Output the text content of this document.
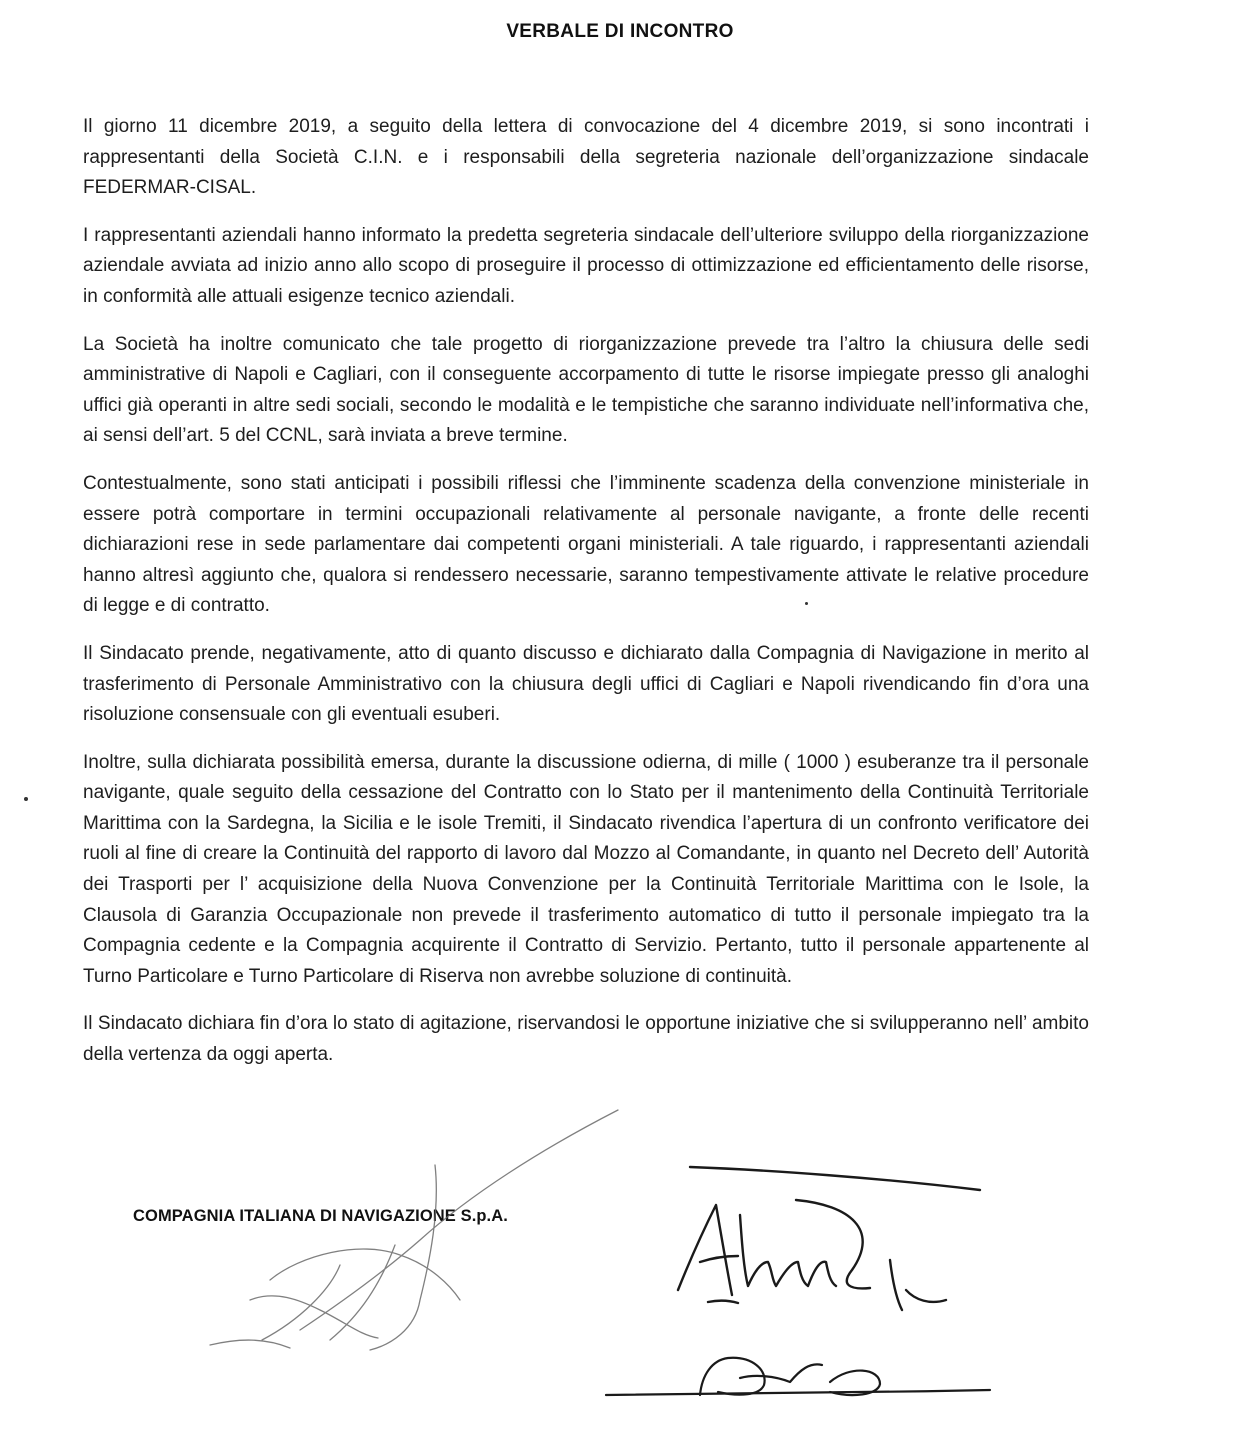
VERBALE DI INCONTRO

Il giorno 11 dicembre 2019, a seguito della lettera di convocazione del 4 dicembre 2019, si sono incontrati i rappresentanti della Società C.I.N. e i responsabili della segreteria nazionale dell’organizzazione sindacale FEDERMAR-CISAL.

I rappresentanti aziendali hanno informato la predetta segreteria sindacale dell’ulteriore sviluppo della riorganizzazione aziendale avviata ad inizio anno allo scopo di proseguire il processo di ottimizzazione ed efficientamento delle risorse, in conformità alle attuali esigenze tecnico aziendali.

La Società ha inoltre comunicato che tale progetto di riorganizzazione prevede tra l’altro la chiusura delle sedi amministrative di Napoli e Cagliari, con il conseguente accorpamento di tutte le risorse impiegate presso gli analoghi uffici già operanti in altre sedi sociali, secondo le modalità e le tempistiche che saranno individuate nell’informativa che, ai sensi dell’art. 5 del CCNL, sarà inviata a breve termine.

Contestualmente, sono stati anticipati i possibili riflessi che l’imminente scadenza della convenzione ministeriale in essere potrà comportare in termini occupazionali relativamente al personale navigante, a fronte delle recenti dichiarazioni rese in sede parlamentare dai competenti organi ministeriali. A tale riguardo, i rappresentanti aziendali hanno altresì aggiunto che, qualora si rendessero necessarie, saranno tempestivamente attivate le relative procedure di legge e di contratto.

Il Sindacato prende, negativamente, atto di quanto discusso e dichiarato dalla Compagnia di Navigazione in merito al trasferimento di Personale Amministrativo con la chiusura degli uffici di Cagliari e Napoli rivendicando fin d’ora una risoluzione consensuale con gli eventuali esuberi.

Inoltre, sulla dichiarata possibilità emersa, durante la discussione odierna, di mille ( 1000 ) esuberanze tra il personale navigante, quale seguito della cessazione del Contratto con lo Stato per il mantenimento della Continuità Territoriale Marittima con la Sardegna, la Sicilia e le isole Tremiti, il Sindacato rivendica l’apertura di un confronto verificatore dei ruoli al fine di creare la Continuità del rapporto di lavoro dal Mozzo al Comandante, in quanto nel Decreto dell’ Autorità dei Trasporti per l’ acquisizione della Nuova Convenzione per la Continuità Territoriale Marittima con le Isole, la Clausola di Garanzia Occupazionale non prevede il trasferimento automatico di tutto il personale impiegato tra la Compagnia cedente e la Compagnia acquirente il Contratto di Servizio. Pertanto, tutto il personale appartenente al Turno Particolare e Turno Particolare di Riserva non avrebbe soluzione di continuità.

Il Sindacato dichiara fin d’ora lo stato di agitazione, riservandosi le opportune iniziative che si svilupperanno nell’ ambito della vertenza da oggi aperta.

COMPAGNIA ITALIANA DI NAVIGAZIONE S.p.A.
